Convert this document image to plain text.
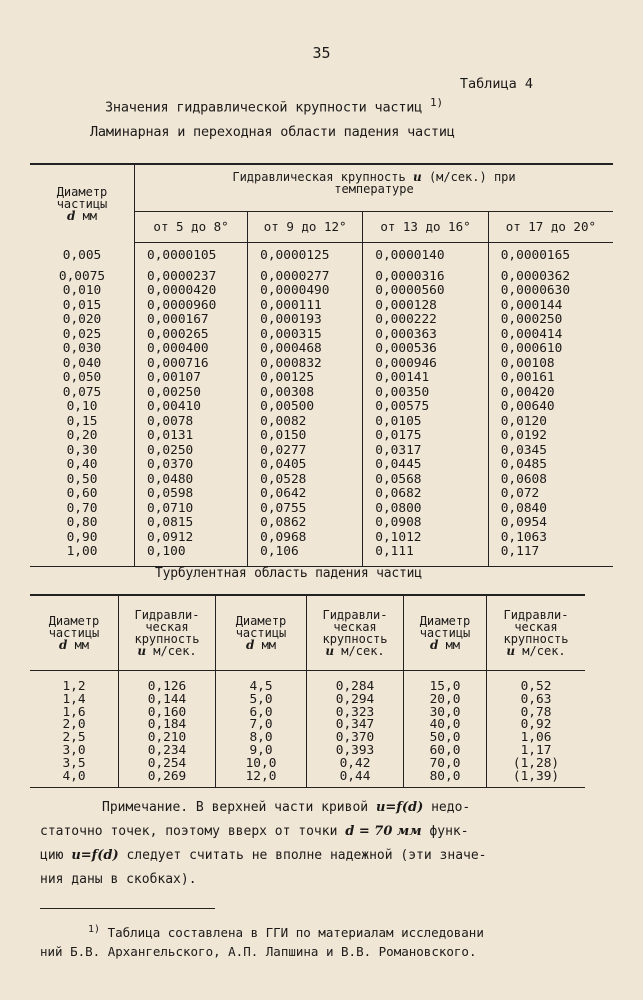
35
Таблица 4
Значения гидравлической крупности частиц $^{1)}$
Ламинарная и переходная области падения частиц
Диаметр
частицы
d мм	Гидравлическая крупность u (м/сек.) при
температуре			
	от 5 до 8°	от 9 до 12°	от 13 до 16°	от 17 до 20°

0,005	0,0000105	0,0000125	0,0000140	0,0000165

0,0075	0,0000237	0,0000277	0,0000316	0,0000362
0,010	0,0000420	0,0000490	0,0000560	0,0000630
0,015	0,0000960	0,000111	0,000128	0,000144
0,020	0,000167	0,000193	0,000222	0,000250
0,025	0,000265	0,000315	0,000363	0,000414
0,030	0,000400	0,000468	0,000536	0,000610
0,040	0,000716	0,000832	0,000946	0,00108
0,050	0,00107	0,00125	0,00141	0,00161
0,075	0,00250	0,00308	0,00350	0,00420
0,10	0,00410	0,00500	0,00575	0,00640
0,15	0,0078	0,0082	0,0105	0,0120
0,20	0,0131	0,0150	0,0175	0,0192
0,30	0,0250	0,0277	0,0317	0,0345
0,40	0,0370	0,0405	0,0445	0,0485
0,50	0,0480	0,0528	0,0568	0,0608
0,60	0,0598	0,0642	0,0682	0,072
0,70	0,0710	0,0755	0,0800	0,0840
0,80	0,0815	0,0862	0,0908	0,0954
0,90	0,0912	0,0968	0,1012	0,1063
1,00	0,100	0,106	0,111	0,117

Турбулентная область падения частиц
Диаметр
частицы
d мм	Гидравли-
ческая
крупность
u м/сек.	Диаметр
частицы
d мм	Гидравли-
ческая
крупность
u м/сек.	Диаметр
частицы
d мм	Гидравли-
ческая
крупность
u м/сек.

1,2	0,126	4,5	0,284	15,0	0,52
1,4	0,144	5,0	0,294	20,0	0,63
1,6	0,160	6,0	0,323	30,0	0,78
2,0	0,184	7,0	0,347	40,0	0,92
2,5	0,210	8,0	0,370	50,0	1,06
3,0	0,234	9,0	0,393	60,0	1,17
3,5	0,254	10,0	0,42	70,0	(1,28)
4,0	0,269	12,0	0,44	80,0	(1,39)

Примечание. В верхней части кривой u=f(d) недо-

статочно точек, поэтому вверх от точки d = 70 мм функ-

цию u=f(d) следует считать не вполне надежной (эти значе-

ния даны в скобках).

$^{1)}$ Таблица составлена в ГГИ по материалам исследовани

ний Б.В. Архангельского, А.П. Лапшина и В.В. Романовского.
